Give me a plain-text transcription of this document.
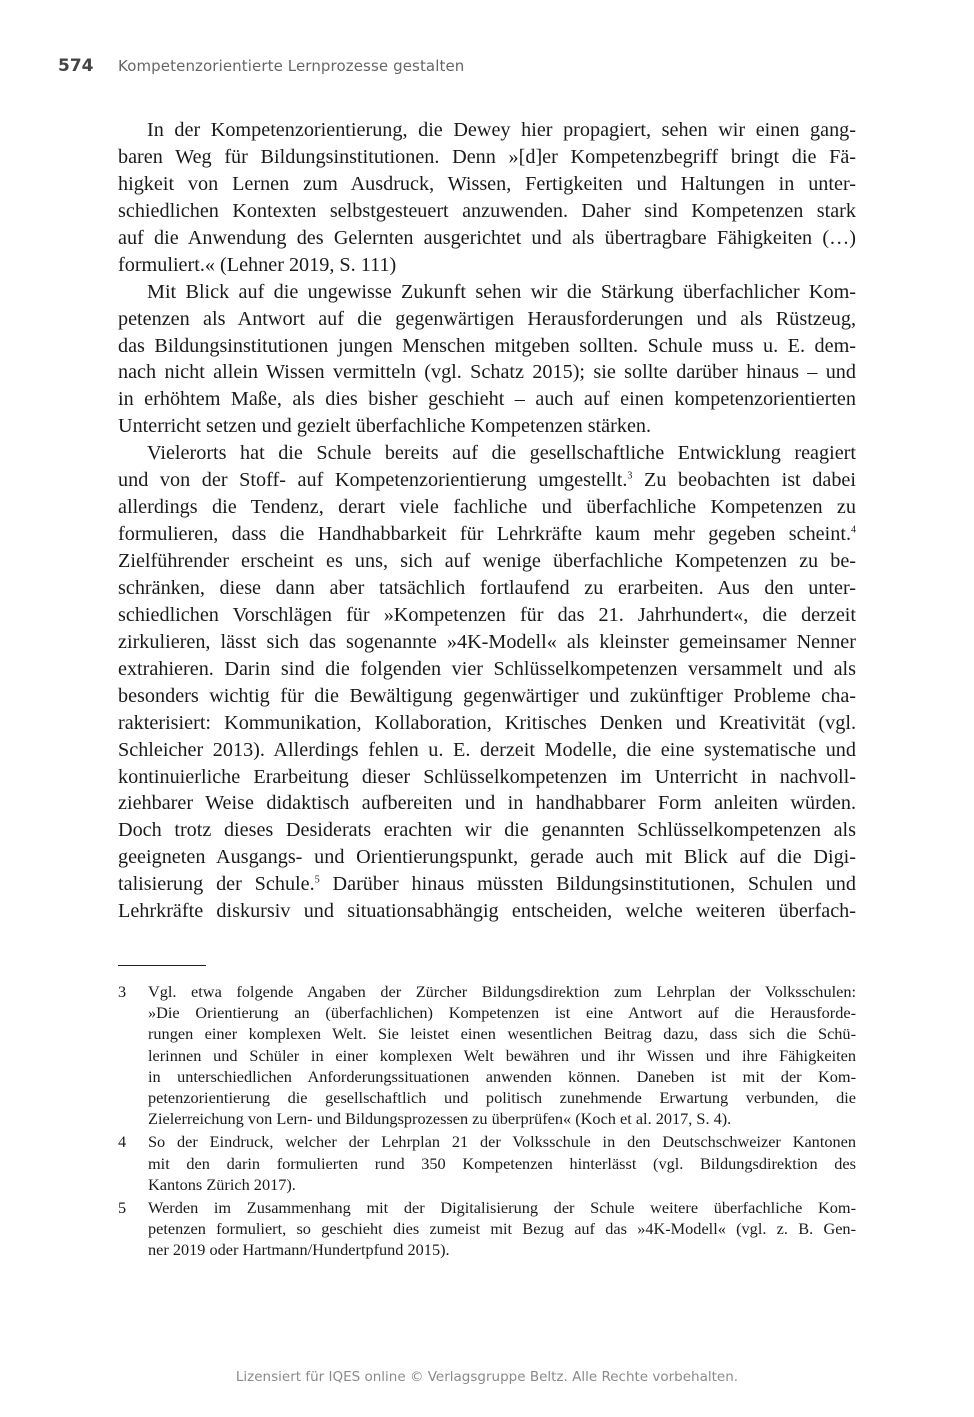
574	Kompetenzorientierte Lernprozesse gestalten
In der Kompetenzorientierung, die Dewey hier propagiert, sehen wir einen gang-
baren Weg für Bildungsinstitutionen. Denn »[d]er Kompetenzbegriff bringt die Fä-
higkeit von Lernen zum Ausdruck, Wissen, Fertigkeiten und Haltungen in unter-
schiedlichen Kontexten selbstgesteuert anzuwenden. Daher sind Kompetenzen stark
auf die Anwendung des Gelernten ausgerichtet und als übertragbare Fähigkeiten (…)
formuliert.« (Lehner 2019, S. 111)
Mit Blick auf die ungewisse Zukunft sehen wir die Stärkung überfachlicher Kom-
petenzen als Antwort auf die gegenwärtigen Herausforderungen und als Rüstzeug,
das Bildungsinstitutionen jungen Menschen mitgeben sollten. Schule muss u. E. dem-
nach nicht allein Wissen vermitteln (vgl. Schatz 2015); sie sollte darüber hinaus – und
in erhöhtem Maße, als dies bisher geschieht – auch auf einen kompetenzorientierten
Unterricht setzen und gezielt überfachliche Kompetenzen stärken.
Vielerorts hat die Schule bereits auf die gesellschaftliche Entwicklung reagiert
und von der Stoff- auf Kompetenzorientierung umgestellt.$^3$ Zu beobachten ist dabei
allerdings die Tendenz, derart viele fachliche und überfachliche Kompetenzen zu
formulieren, dass die Handhabbarkeit für Lehrkräfte kaum mehr gegeben scheint.$^4$
Zielführender erscheint es uns, sich auf wenige überfachliche Kompetenzen zu be-
schränken, diese dann aber tatsächlich fortlaufend zu erarbeiten. Aus den unter-
schiedlichen Vorschlägen für »Kompetenzen für das 21. Jahrhundert«, die derzeit
zirkulieren, lässt sich das sogenannte »4K-Modell« als kleinster gemeinsamer Nenner
extrahieren. Darin sind die folgenden vier Schlüsselkompetenzen versammelt und als
besonders wichtig für die Bewältigung gegenwärtiger und zukünftiger Probleme cha-
rakterisiert: Kommunikation, Kollaboration, Kritisches Denken und Kreativität (vgl.
Schleicher 2013). Allerdings fehlen u. E. derzeit Modelle, die eine systematische und
kontinuierliche Erarbeitung dieser Schlüsselkompetenzen im Unterricht in nachvoll-
ziehbarer Weise didaktisch aufbereiten und in handhabbarer Form anleiten würden.
Doch trotz dieses Desiderats erachten wir die genannten Schlüsselkompetenzen als
geeigneten Ausgangs- und Orientierungspunkt, gerade auch mit Blick auf die Digi-
talisierung der Schule.$^5$ Darüber hinaus müssten Bildungsinstitutionen, Schulen und
Lehrkräfte diskursiv und situationsabhängig entscheiden, welche weiteren überfach-
3	Vgl. etwa folgende Angaben der Zürcher Bildungsdirektion zum Lehrplan der Volksschulen:
»Die Orientierung an (überfachlichen) Kompetenzen ist eine Antwort auf die Herausforde-
rungen einer komplexen Welt. Sie leistet einen wesentlichen Beitrag dazu, dass sich die Schü-
lerinnen und Schüler in einer komplexen Welt bewähren und ihr Wissen und ihre Fähigkeiten
in unterschiedlichen Anforderungssituationen anwenden können. Daneben ist mit der Kom-
petenzorientierung die gesellschaftlich und politisch zunehmende Erwartung verbunden, die
Zielerreichung von Lern- und Bildungsprozessen zu überprüfen« (Koch et al. 2017, S. 4).
4	So der Eindruck, welcher der Lehrplan 21 der Volksschule in den Deutschschweizer Kantonen
mit den darin formulierten rund 350 Kompetenzen hinterlässt (vgl. Bildungsdirektion des
Kantons Zürich 2017).
5	Werden im Zusammenhang mit der Digitalisierung der Schule weitere überfachliche Kom-
petenzen formuliert, so geschieht dies zumeist mit Bezug auf das »4K-Modell« (vgl. z. B. Gen-
ner 2019 oder Hartmann/Hundertpfund 2015).
Lizensiert für IQES online © Verlagsgruppe Beltz. Alle Rechte vorbehalten.
